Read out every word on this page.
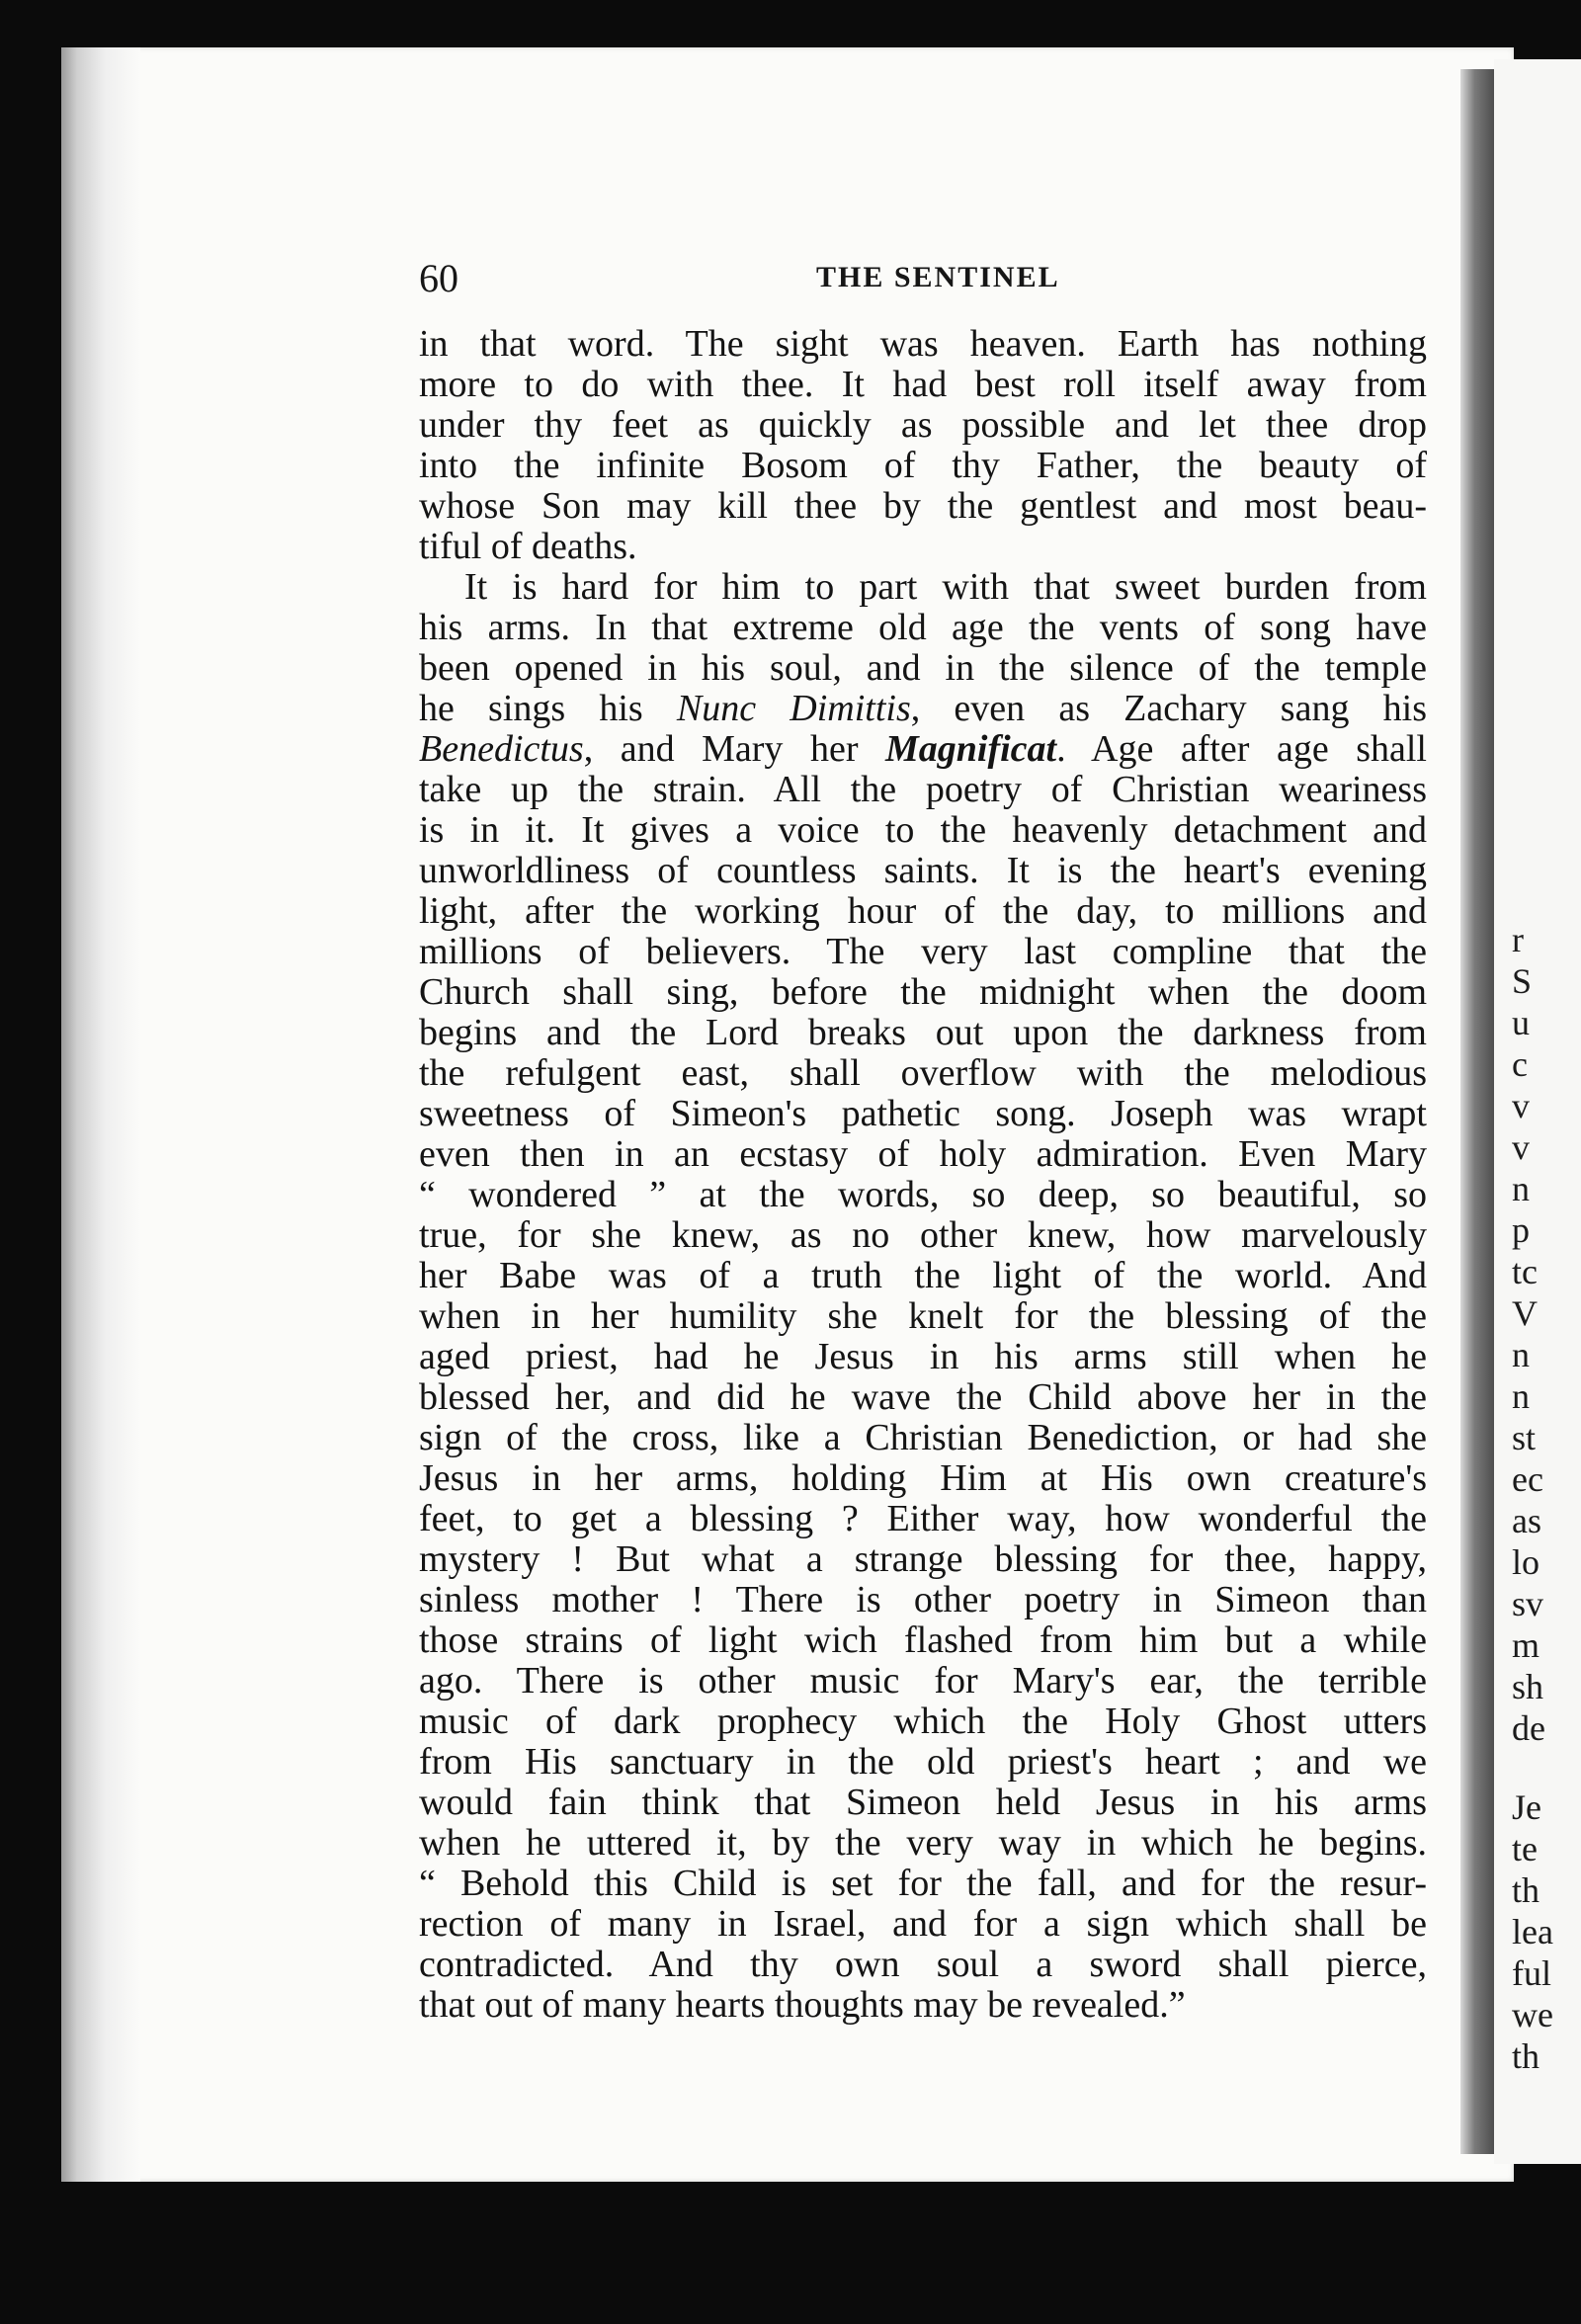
r
S
u
c
v
v
n
p
tc
V
n
n
st
ec
as
lo
sv
m
sh
de
Je
te
th
lea
ful
we
th
60	THE SENTINEL
in that word. The sight was heaven. Earth has nothing
more to do with thee. It had best roll itself away from
under thy feet as quickly as possible and let thee drop
into the infinite Bosom of thy Father, the beauty of
whose Son may kill thee by the gentlest and most beau-
tiful of deaths.
It is hard for him to part with that sweet burden from
his arms. In that extreme old age the vents of song have
been opened in his soul, and in the silence of the temple
he sings his Nunc Dimittis, even as Zachary sang his
Benedictus, and Mary her Magnificat. Age after age shall
take up the strain. All the poetry of Christian weariness
is in it. It gives a voice to the heavenly detachment and
unworldliness of countless saints. It is the heart's evening
light, after the working hour of the day, to millions and
millions of believers. The very last compline that the
Church shall sing, before the midnight when the doom
begins and the Lord breaks out upon the darkness from
the refulgent east, shall overflow with the melodious
sweetness of Simeon's pathetic song. Joseph was wrapt
even then in an ecstasy of holy admiration. Even Mary
“ wondered ” at the words, so deep, so beautiful, so
true, for she knew, as no other knew, how marvelously
her Babe was of a truth the light of the world. And
when in her humility she knelt for the blessing of the
aged priest, had he Jesus in his arms still when he
blessed her, and did he wave the Child above her in the
sign of the cross, like a Christian Benediction, or had she
Jesus in her arms, holding Him at His own creature's
feet, to get a blessing ? Either way, how wonderful the
mystery ! But what a strange blessing for thee, happy,
sinless mother ! There is other poetry in Simeon than
those strains of light wich flashed from him but a while
ago. There is other music for Mary's ear, the terrible
music of dark prophecy which the Holy Ghost utters
from His sanctuary in the old priest's heart ; and we
would fain think that Simeon held Jesus in his arms
when he uttered it, by the very way in which he begins.
“ Behold this Child is set for the fall, and for the resur-
rection of many in Israel, and for a sign which shall be
contradicted. And thy own soul a sword shall pierce,
that out of many hearts thoughts may be revealed.”
